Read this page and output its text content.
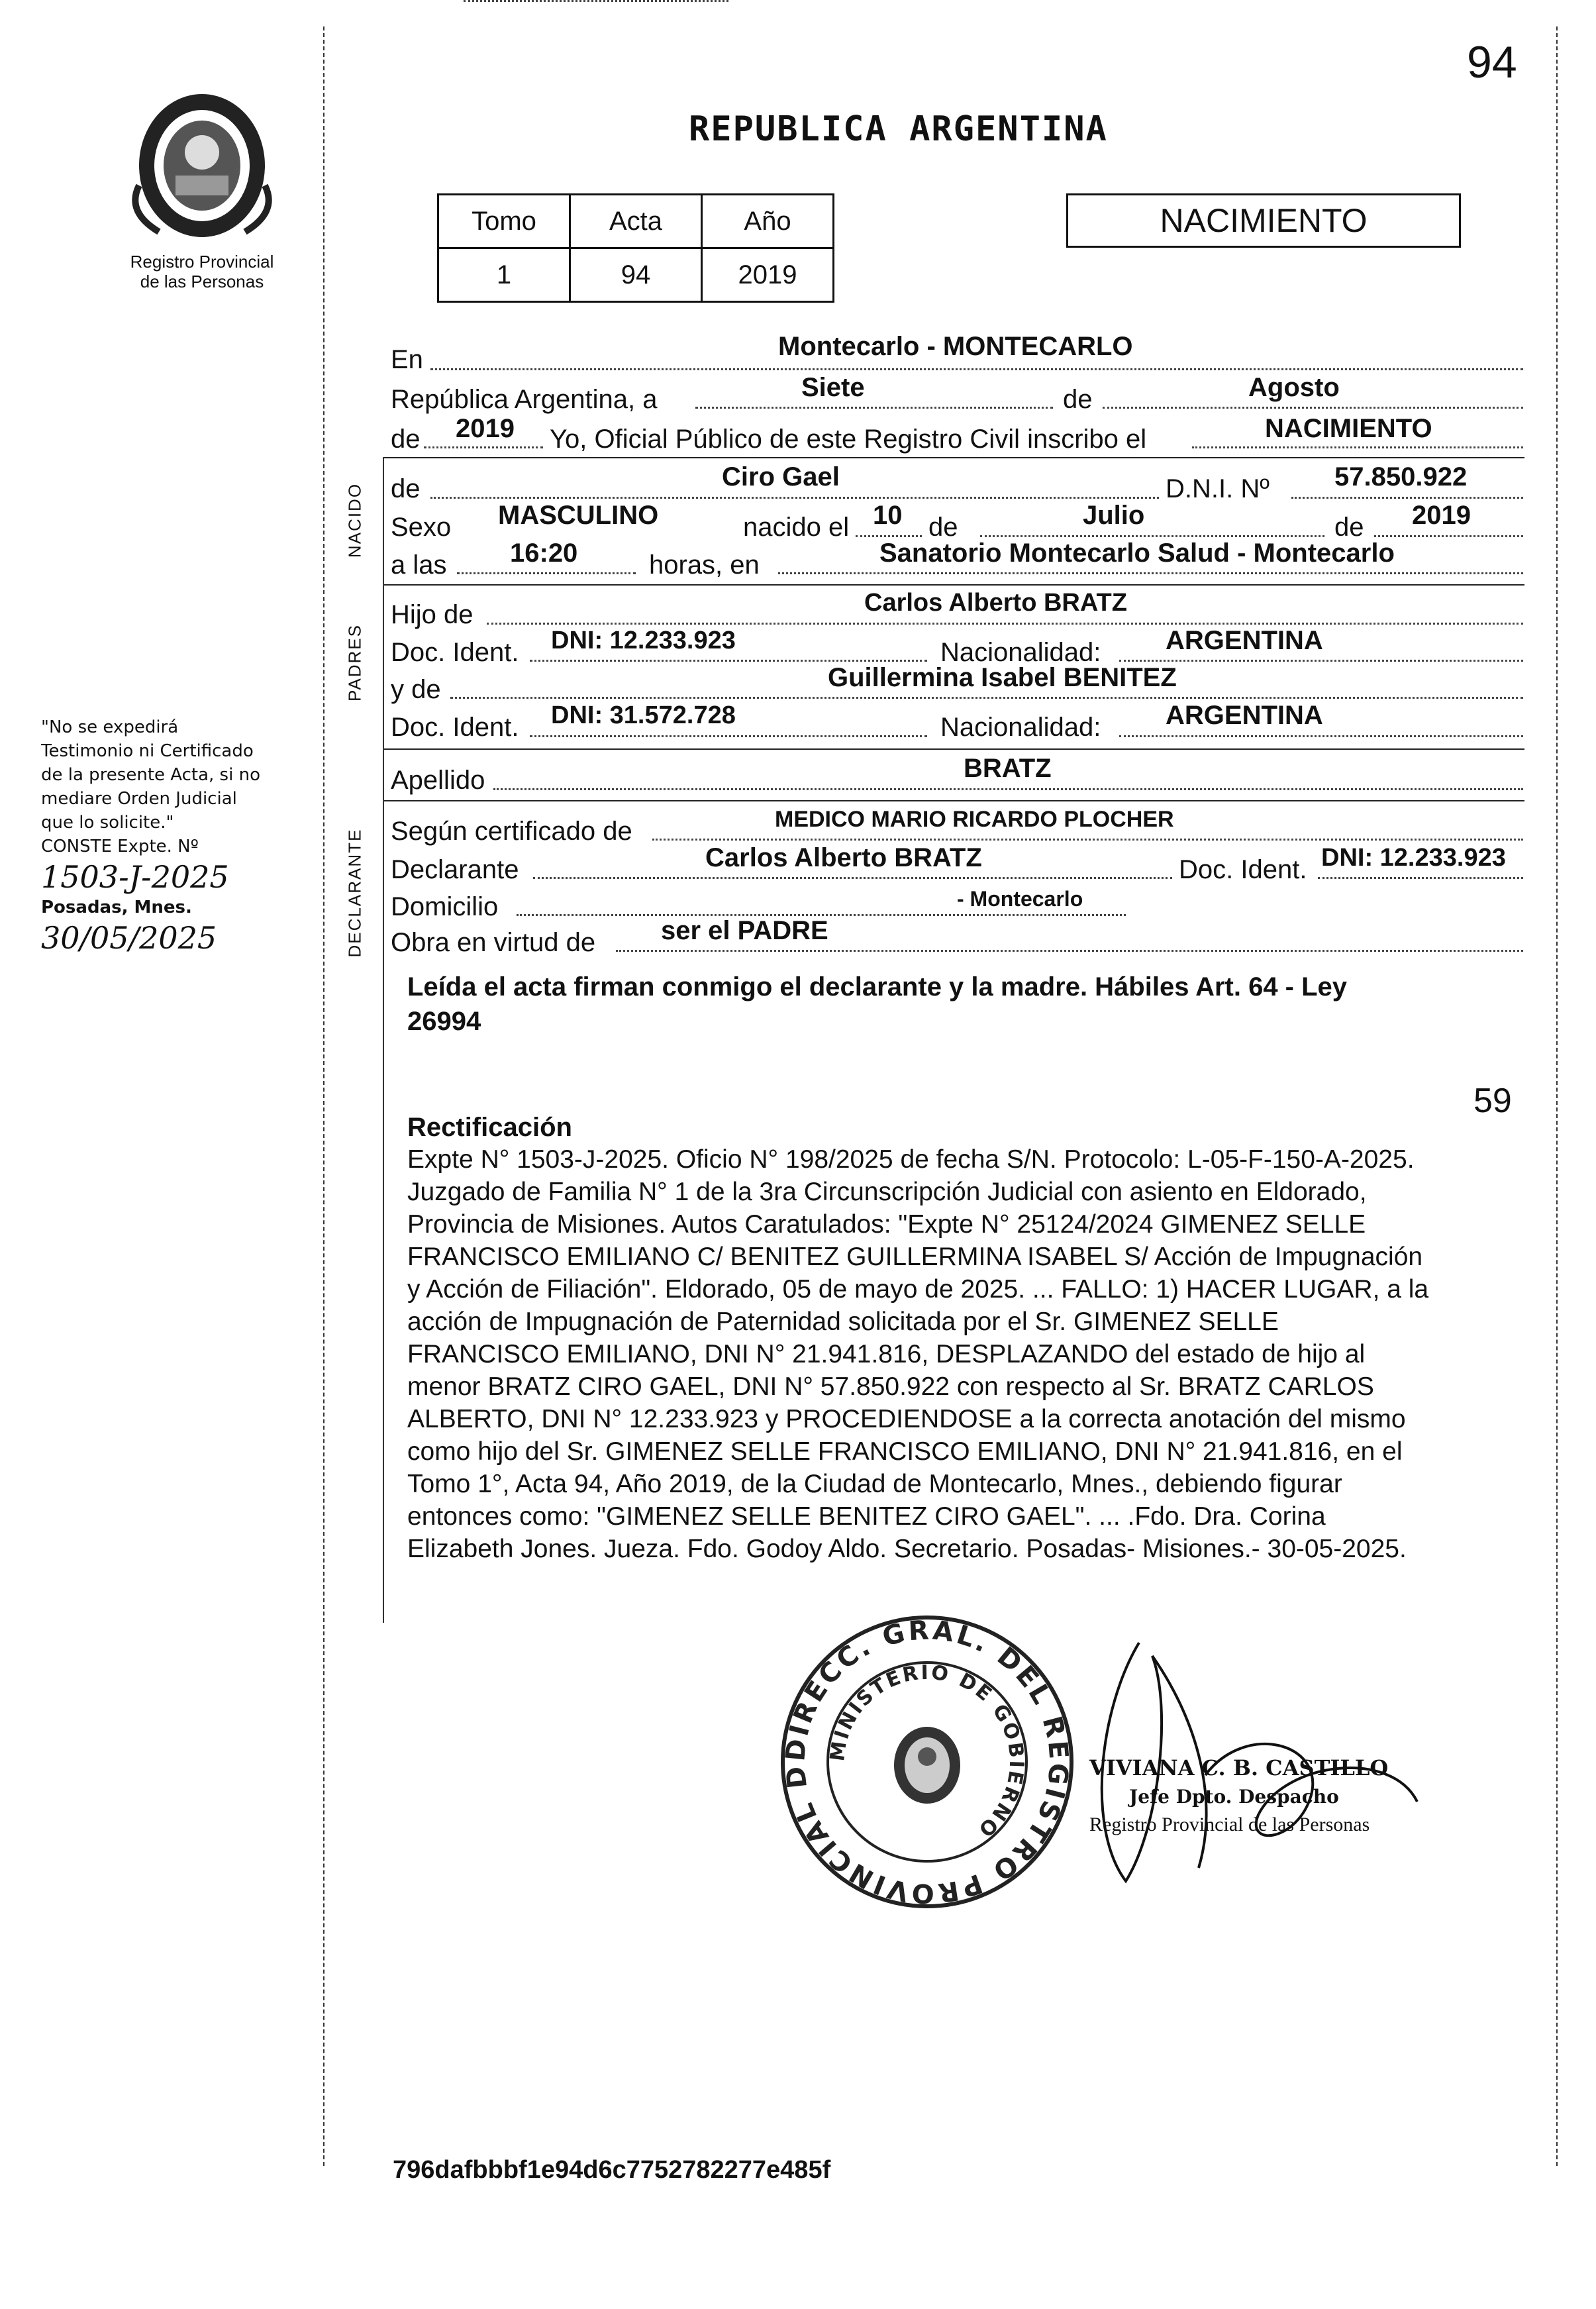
94
Registro Provincial
de las Personas
REPUBLICA ARGENTINA
Tomo	Acta	Año
1	94	2019
NACIMIENTO
"No se expedirá
Testimonio ni Certificado
de la presente Acta, si no
mediare Orden Judicial
que lo solicite."
CONSTE Expte. Nº
1503-J-2025
Posadas, Mnes.
30/05/2025
NACIDO
PADRES
DECLARANTE
En	Montecarlo - MONTECARLO
República Argentina, a	Siete	de	Agosto
de 2019 Yo, Oficial Público de este Registro Civil inscribo el	NACIMIENTO
de	Ciro Gael	D.N.I. Nº 57.850.922
Sexo MASCULINO	nacido el 10 de	Julio	de 2019
a las 16:20	horas, en	Sanatorio Montecarlo Salud - Montecarlo
Hijo de	Carlos Alberto BRATZ
Doc. Ident. DNI: 12.233.923	Nacionalidad: ARGENTINA
y de	Guillermina Isabel BENITEZ
Doc. Ident. DNI: 31.572.728	Nacionalidad: ARGENTINA
Apellido	BRATZ
Según certificado de	MEDICO MARIO RICARDO PLOCHER
Declarante	Carlos Alberto BRATZ	Doc. Ident. DNI: 12.233.923
Domicilio	- Montecarlo
Obra en virtud de ser el PADRE
Leída el acta firman conmigo el declarante y la madre. Hábiles Art. 64 - Ley
26994
59
Rectificación
Expte N° 1503-J-2025. Oficio N° 198/2025 de fecha S/N. Protocolo: L-05-F-150-A-2025.
Juzgado de Familia N° 1 de la 3ra Circunscripción Judicial con asiento en Eldorado,
Provincia de Misiones. Autos Caratulados: "Expte N° 25124/2024 GIMENEZ SELLE
FRANCISCO EMILIANO C/ BENITEZ GUILLERMINA ISABEL S/ Acción de Impugnación
y Acción de Filiación". Eldorado, 05 de mayo de 2025. ... FALLO: 1) HACER LUGAR, a la
acción de Impugnación de Paternidad solicitada por el Sr. GIMENEZ SELLE
FRANCISCO EMILIANO, DNI N° 21.941.816, DESPLAZANDO del estado de hijo al
menor BRATZ CIRO GAEL, DNI N° 57.850.922 con respecto al Sr. BRATZ CARLOS
ALBERTO, DNI N° 12.233.923 y PROCEDIENDOSE a la correcta anotación del mismo
como hijo del Sr. GIMENEZ SELLE FRANCISCO EMILIANO, DNI N° 21.941.816, en el
Tomo 1°, Acta 94, Año 2019, de la Ciudad de Montecarlo, Mnes., debiendo figurar
entonces como: "GIMENEZ SELLE BENITEZ CIRO GAEL". ... .Fdo. Dra. Corina
Elizabeth Jones. Jueza. Fdo. Godoy Aldo. Secretario. Posadas- Misiones.- 30-05-2025.
DIRECC. GRAL. DEL REGISTRO PROVINCIAL D
MINISTERIO DE GOBIERNO
VIVIANA C. B. CASTILLO
Jefe Dpto. Despacho
Registro Provincial de las Personas
796dafbbbf1e94d6c7752782277e485f
